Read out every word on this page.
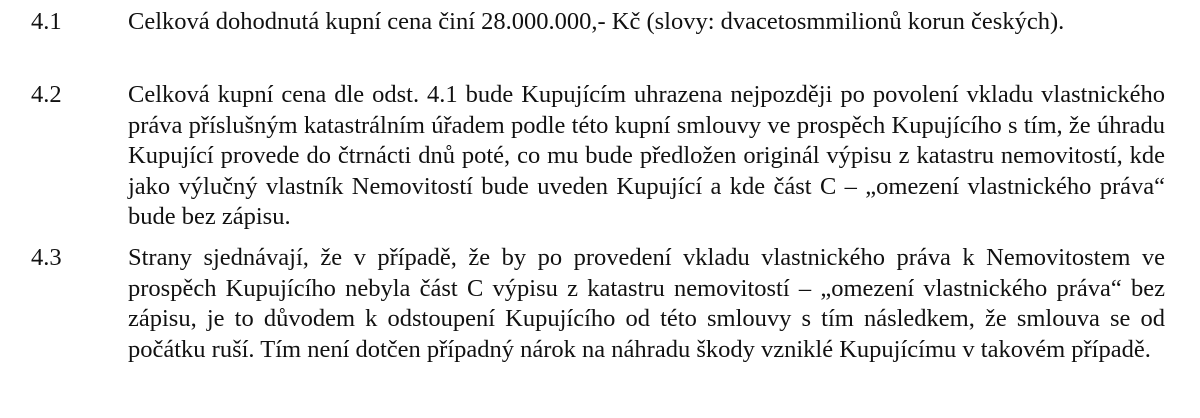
4.1	Celková dohodnutá kupní cena činí 28.000.000,- Kč (slovy: dvacetosmmilionů korun českých).
4.2	Celková kupní cena dle odst. 4.1 bude Kupujícím uhrazena nejpozději po povolení vkladu vlastnického práva příslušným katastrálním úřadem podle této kupní smlouvy ve prospěch Kupujícího s tím, že úhradu Kupující provede do čtrnácti dnů poté, co mu bude předložen originál výpisu z katastru nemovitostí, kde jako výlučný vlastník Nemovitostí bude uveden Kupující a kde část C – „omezení vlastnického práva“ bude bez zápisu.
4.3	Strany sjednávají, že v případě, že by po provedení vkladu vlastnického práva k Nemovitostem ve prospěch Kupujícího nebyla část C výpisu z katastru nemovitostí – „omezení vlastnického práva“ bez zápisu, je to důvodem k odstoupení Kupujícího od této smlouvy s tím následkem, že smlouva se od počátku ruší. Tím není dotčen případný nárok na náhradu škody vzniklé Kupujícímu v takovém případě.
